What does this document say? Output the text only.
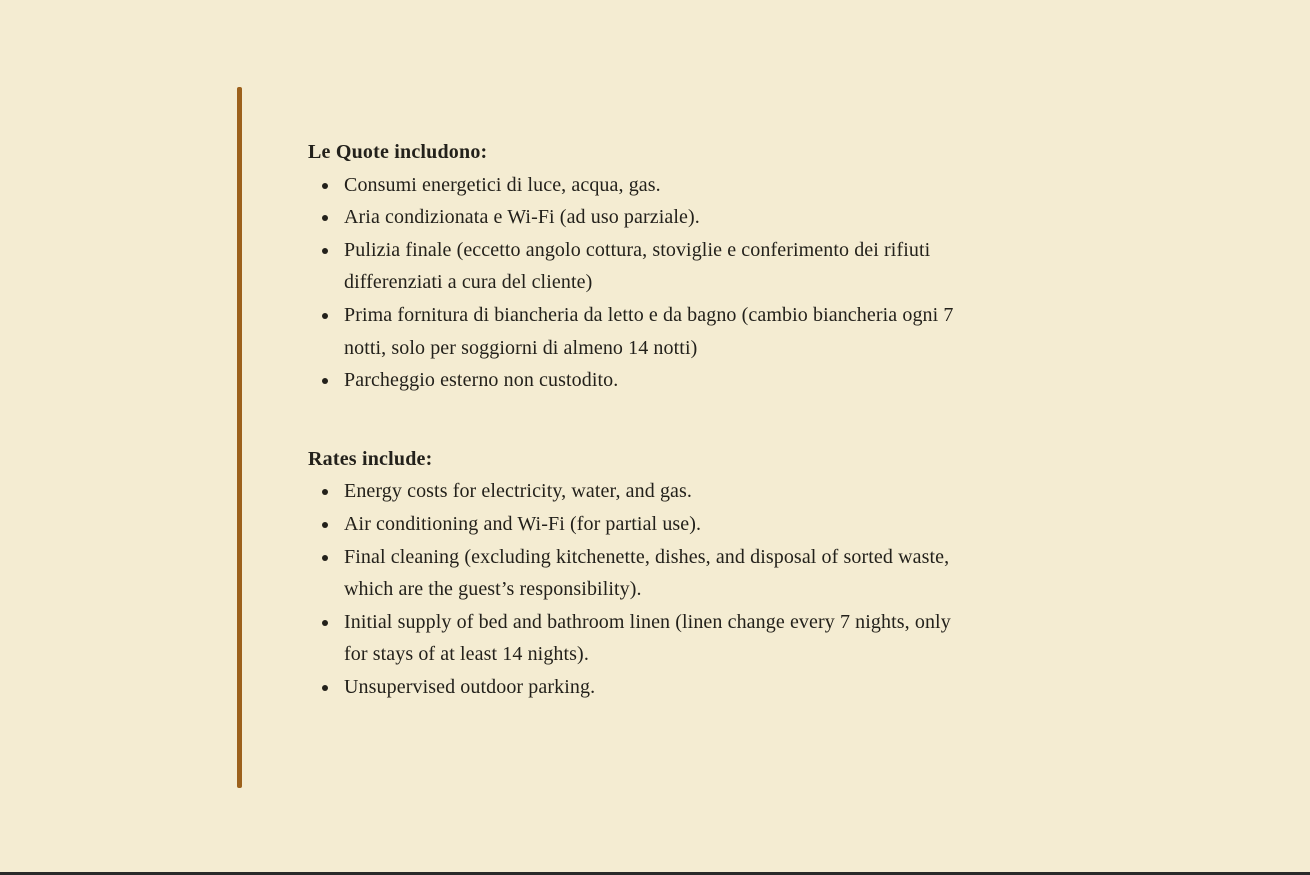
Le Quote includono:
Consumi energetici di luce, acqua, gas.
Aria condizionata e Wi-Fi (ad uso parziale).
Pulizia finale (eccetto angolo cottura, stoviglie e conferimento dei rifiuti differenziati a cura del cliente)
Prima fornitura di biancheria da letto e da bagno (cambio biancheria ogni 7 notti, solo per soggiorni di almeno 14 notti)
Parcheggio esterno non custodito.
Rates include:
Energy costs for electricity, water, and gas.
Air conditioning and Wi-Fi (for partial use).
Final cleaning (excluding kitchenette, dishes, and disposal of sorted waste, which are the guest’s responsibility).
Initial supply of bed and bathroom linen (linen change every 7 nights, only for stays of at least 14 nights).
Unsupervised outdoor parking.
